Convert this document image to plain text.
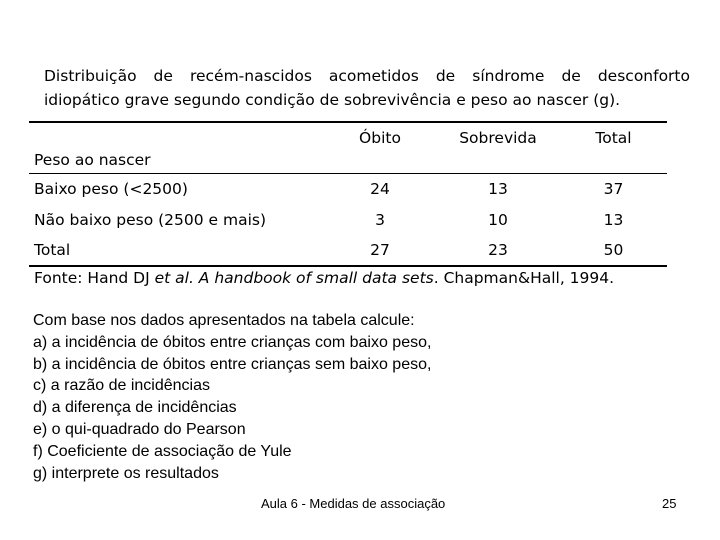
Distribuição de recém-nascidos acometidos de síndrome de desconforto
idiopático grave segundo condição de sobrevivência e peso ao nascer (g).
Peso ao nascer	Óbito	Sobrevida	Total
Baixo peso (<2500)	24	13	37
Não baixo peso (2500 e mais)	3	10	13
Total	27	23	50
Fonte: Hand DJ et al. A handbook of small data sets. Chapman&Hall, 1994.
Com base nos dados apresentados na tabela calcule:
a) a incidência de óbitos entre crianças com baixo peso,
b) a incidência de óbitos entre crianças sem baixo peso,
c) a razão de incidências
d) a diferença de incidências
e) o qui-quadrado do Pearson
f) Coeficiente de associação de Yule
g) interprete os resultados
Aula 6 - Medidas de associação	25
